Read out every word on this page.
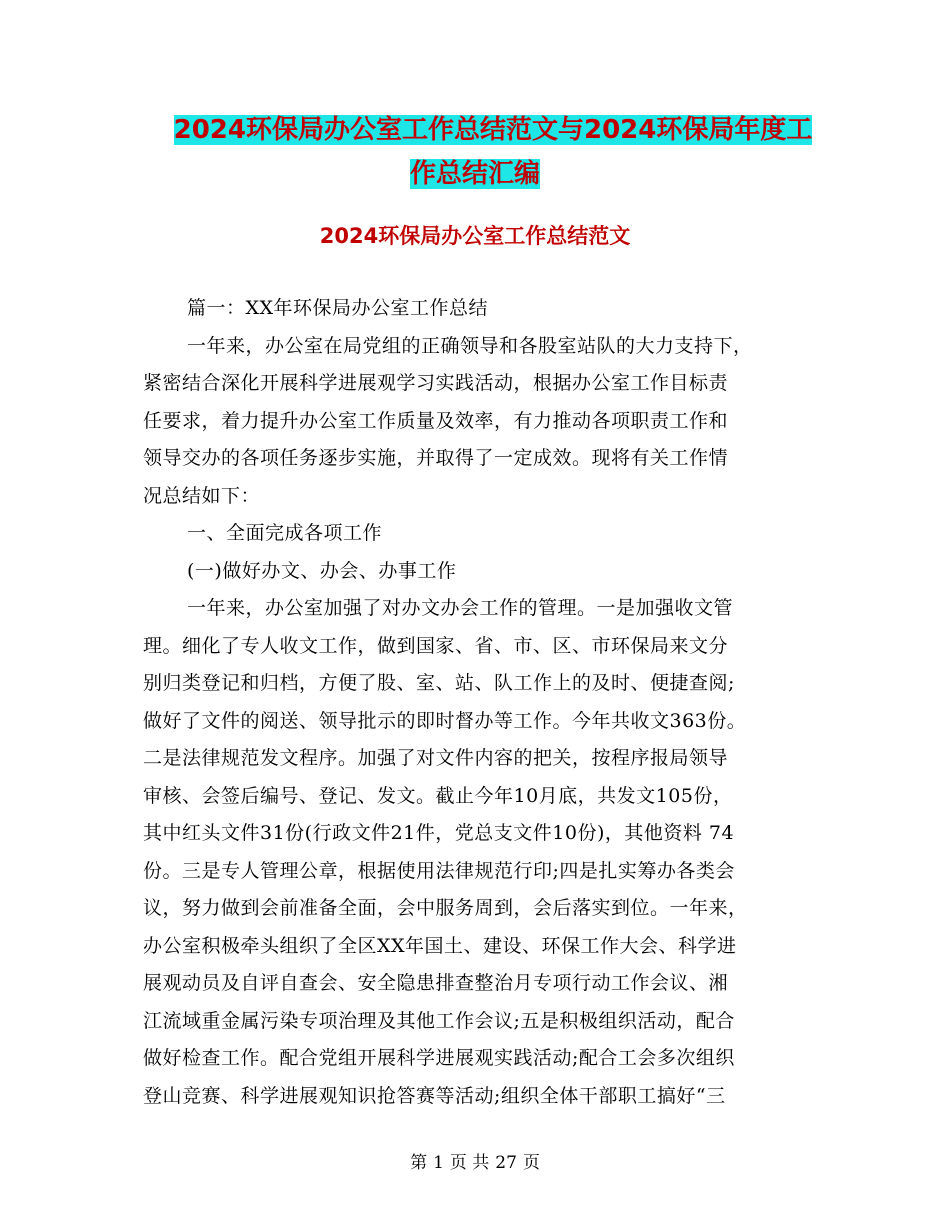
2024环保局办公室工作总结范文与2024环保局年度工
作总结汇编
2024环保局办公室工作总结范文
篇一：XX年环保局办公室工作总结
一年来，办公室在局党组的正确领导和各股室站队的大力支持下，
紧密结合深化开展科学进展观学习实践活动，根据办公室工作目标责
任要求，着力提升办公室工作质量及效率，有力推动各项职责工作和
领导交办的各项任务逐步实施，并取得了一定成效。现将有关工作情
况总结如下：
一、全面完成各项工作
(一)做好办文、办会、办事工作
一年来，办公室加强了对办文办会工作的管理。一是加强收文管
理。细化了专人收文工作，做到国家、省、市、区、市环保局来文分
别归类登记和归档，方便了股、室、站、队工作上的及时、便捷查阅;
做好了文件的阅送、领导批示的即时督办等工作。今年共收文363份。
二是法律规范发文程序。加强了对文件内容的把关，按程序报局领导
审核、会签后编号、登记、发文。截止今年10月底，共发文105份，
其中红头文件31份(行政文件21件，党总支文件10份)，其他资料 74
份。三是专人管理公章，根据使用法律规范行印;四是扎实筹办各类会
议，努力做到会前准备全面，会中服务周到，会后落实到位。一年来，
办公室积极牵头组织了全区XX年国土、建设、环保工作大会、科学进
展观动员及自评自查会、安全隐患排查整治月专项行动工作会议、湘
江流域重金属污染专项治理及其他工作会议;五是积极组织活动，配合
做好检查工作。配合党组开展科学进展观实践活动;配合工会多次组织
登山竞赛、科学进展观知识抢答赛等活动;组织全体干部职工搞好“三
第 1 页 共 27 页
